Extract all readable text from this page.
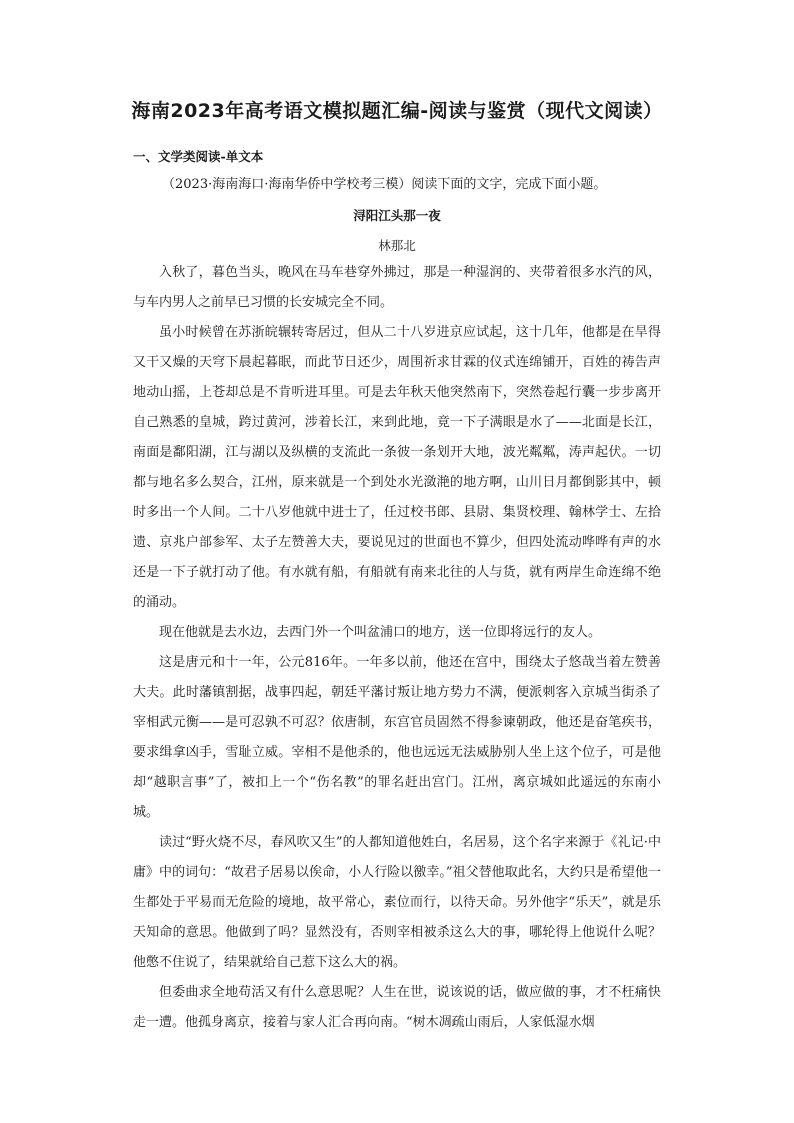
海南2023年高考语文模拟题汇编-阅读与鉴赏（现代文阅读）
一、文学类阅读-单文本

（2023·海南海口·海南华侨中学校考三模）阅读下面的文字，完成下面小题。

浔阳江头那一夜

林那北

入秋了，暮色当头，晚风在马车巷穿外拂过，那是一种湿润的、夹带着很多水汽的风，与车内男人之前早已习惯的长安城完全不同。

虽小时候曾在苏浙皖辗转寄居过，但从二十八岁进京应试起，这十几年，他都是在旱得又干又燥的天穹下晨起暮眠，而此节日还少，周围祈求甘霖的仪式连绵铺开，百姓的祷告声地动山摇，上苍却总是不肯听进耳里。可是去年秋天他突然南下，突然卷起行囊一步步离开自己熟悉的皇城，跨过黄河，涉着长江，来到此地，竟一下子满眼是水了——北面是长江，南面是鄱阳湖，江与湖以及纵横的支流此一条彼一条划开大地，波光粼粼，涛声起伏。一切都与地名多么契合，江州，原来就是一个到处水光潋滟的地方啊，山川日月都倒影其中，顿时多出一个人间。二十八岁他就中进士了，任过校书郎、县尉、集贤校理、翰林学士、左拾遗、京兆户部参军、太子左赞善大夫，要说见过的世面也不算少，但四处流动哗哗有声的水还是一下子就打动了他。有水就有船，有船就有南来北往的人与货，就有两岸生命连绵不绝的涌动。

现在他就是去水边，去西门外一个叫盆浦口的地方，送一位即将远行的友人。

这是唐元和十一年，公元816年。一年多以前，他还在宫中，围绕太子悠哉当着左赞善大夫。此时藩镇割据，战事四起，朝廷平藩讨叛让地方势力不满，便派刺客入京城当街杀了宰相武元衡——是可忍孰不可忍？依唐制，东宫官员固然不得参谏朝政，他还是奋笔疾书，要求缉拿凶手，雪耻立威。宰相不是他杀的，他也远远无法威胁别人坐上这个位子，可是他却“越职言事”了，被扣上一个“伤名教”的罪名赶出宫门。江州，离京城如此遥远的东南小城。

读过“野火烧不尽，春风吹又生”的人都知道他姓白，名居易，这个名字来源于《礼记·中庸》中的词句：“故君子居易以俟命，小人行险以徼幸。”祖父替他取此名，大约只是希望他一生都处于平易而无危险的境地，故平常心，素位而行，以待天命。另外他字“乐天”，就是乐天知命的意思。他做到了吗？显然没有，否则宰相被杀这么大的事，哪轮得上他说什么呢？他憋不住说了，结果就给自己惹下这么大的祸。

但委曲求全地苟活又有什么意思呢？人生在世，说该说的话，做应做的事，才不枉痛快走一遭。他孤身离京，接着与家人汇合再向南。“树木凋疏山雨后，人家低湿水烟
